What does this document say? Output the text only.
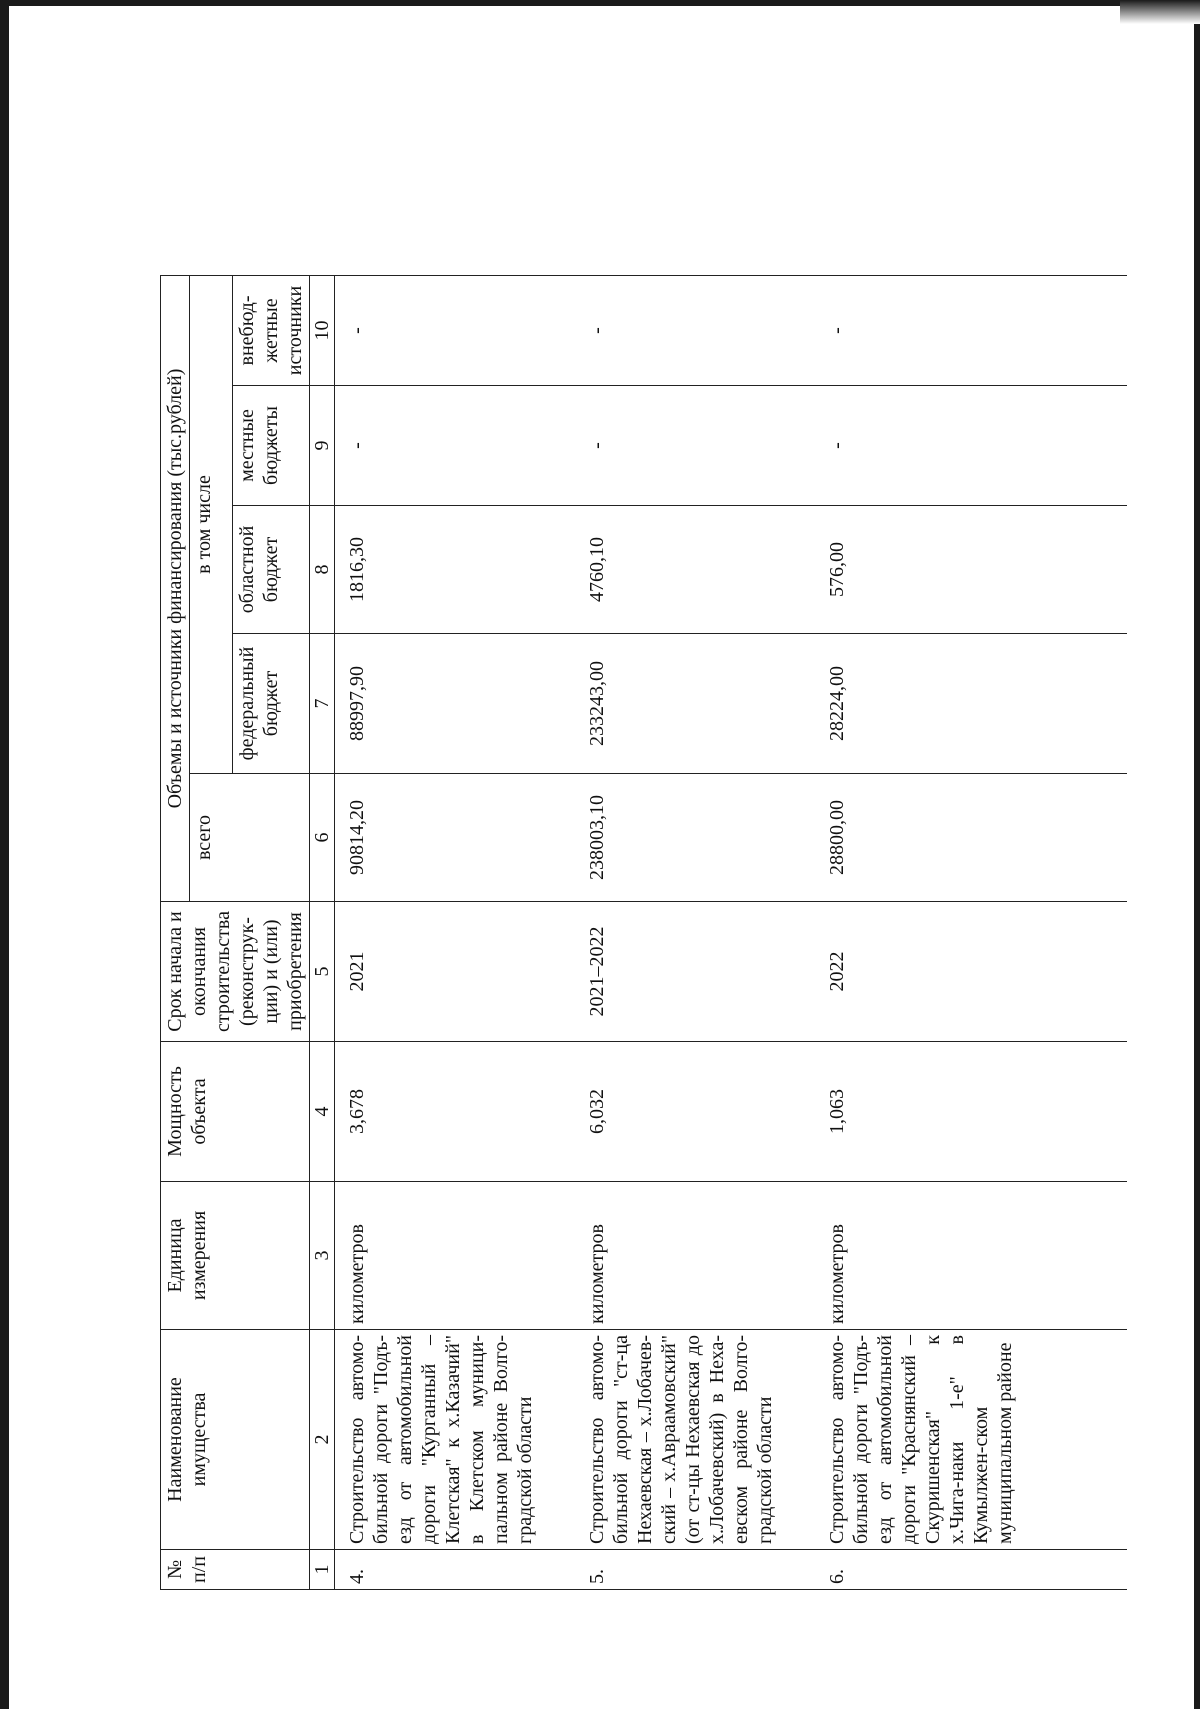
№ п/п	Наименование имущества	Единица измерения	Мощность объекта	Срок начала и окончания строительства (реконструк-ции) и (или) приобретения	Объемы и источники финансирования (тыс.рублей)				
					всего	в том числе			
						федеральный бюджет	областной бюджет	местные бюджеты	внебюд-жетные источники
1	2	3	4	5	6	7	8	9	10
4.	Строительство автомо-бильной дороги "Подъ-езд от автомобильной дороги "Курганный – Клетская" к х.Казачий" в Клетском муници-пальном районе Волго-градской области	километров	3,678	2021	90814,20	88997,90	1816,30	-	-
5.	Строительство автомо-бильной дороги "ст-ца Нехаевская – х.Лобачев-ский – х.Авраамовский" (от ст-цы Нехаевская до х.Лобачевский) в Неха-евском районе Волго-градской области	километров	6,032	2021–2022	238003,10	233243,00	4760,10	-	-
6.	Строительство автомо-бильной дороги "Подъ-езд от автомобильной дороги "Краснянский – Скуришенская" к х.Чига-наки 1-е" в Кумылжен-ском муниципальном районе	километров	1,063	2022	28800,00	28224,00	576,00	-	-
